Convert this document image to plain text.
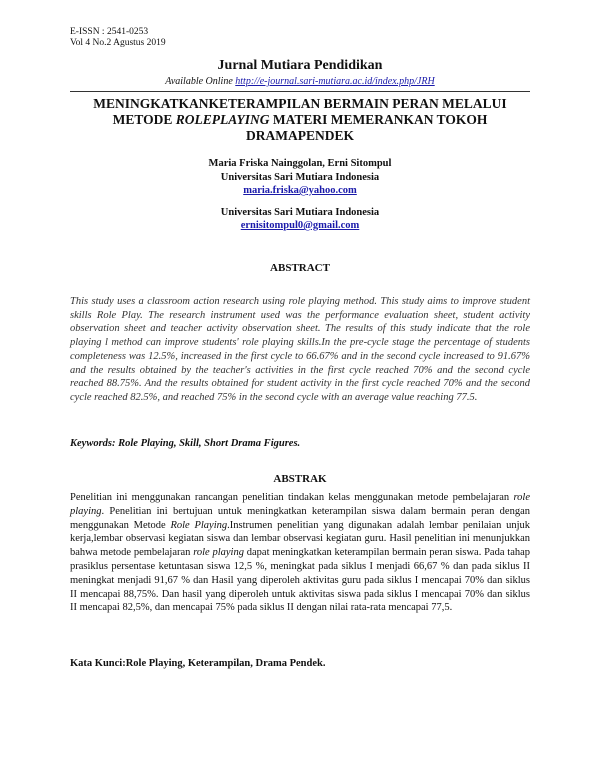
E-ISSN : 2541-0253
Vol 4 No.2 Agustus 2019
Jurnal Mutiara Pendidikan
Available Online http://e-journal.sari-mutiara.ac.id/index.php/JRH
MENINGKATKANKETERAMPILAN BERMAIN PERAN MELALUI
METODE ROLEPLAYING MATERI MEMERANKAN TOKOH
DRAMAPENDEK
Maria Friska Nainggolan, Erni Sitompul
Universitas Sari Mutiara Indonesia
maria.friska@yahoo.com
Universitas Sari Mutiara Indonesia
ernisitompul0@gmail.com
ABSTRACT
This study uses a classroom action research using role playing method. This study aims to improve student skills Role Play. The research instrument used was the performance evaluation sheet, student activity observation sheet and teacher activity observation sheet. The results of this study indicate that the role playing l method can improve students' role playing skills.In the pre-cycle stage the percentage of students completeness was 12.5%, increased in the first cycle to 66.67% and in the second cycle increased to 91.67% and the results obtained by the teacher's activities in the first cycle reached 70% and the second cycle reached 88.75%. And the results obtained for student activity in the first cycle reached 70% and the second cycle reached 82.5%, and reached 75% in the second cycle with an average value reaching 77.5.
Keywords: Role Playing, Skill, Short Drama Figures.
ABSTRAK
Penelitian ini menggunakan rancangan penelitian tindakan kelas menggunakan metode pembelajaran role playing. Penelitian ini bertujuan untuk meningkatkan keterampilan siswa dalam bermain peran dengan menggunakan Metode Role Playing.Instrumen penelitian yang digunakan adalah lembar penilaian unjuk kerja,lembar observasi kegiatan siswa dan lembar observasi kegiatan guru. Hasil penelitian ini menunjukkan bahwa metode pembelajaran role playing dapat meningkatkan keterampilan bermain peran siswa. Pada tahap prasiklus persentase ketuntasan siswa 12,5 %, meningkat pada siklus I menjadi 66,67 % dan pada siklus II meningkat menjadi 91,67 % dan Hasil yang diperoleh aktivitas guru pada siklus I mencapai 70% dan siklus II mencapai 88,75%. Dan hasil yang diperoleh untuk aktivitas siswa pada siklus I mencapai 70% dan siklus II mencapai 82,5%, dan mencapai 75% pada siklus II dengan nilai rata-rata mencapai 77,5.
Kata Kunci:Role Playing, Keterampilan, Drama Pendek.
